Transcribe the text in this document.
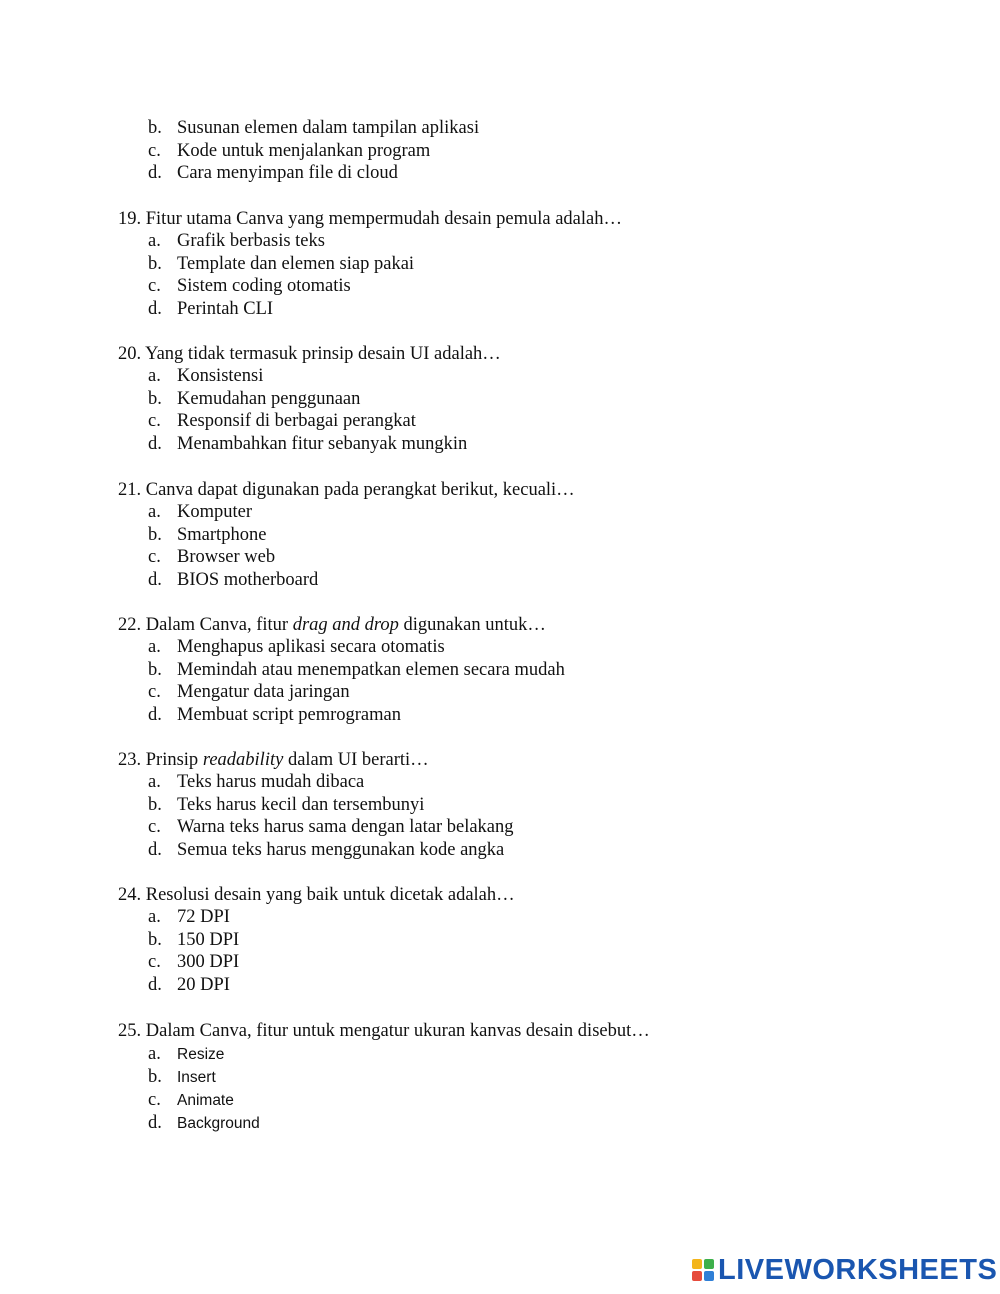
b. Susunan elemen dalam tampilan aplikasi
c. Kode untuk menjalankan program
d. Cara menyimpan file di cloud
19. Fitur utama Canva yang mempermudah desain pemula adalah…
a. Grafik berbasis teks
b. Template dan elemen siap pakai
c. Sistem coding otomatis
d. Perintah CLI
20. Yang tidak termasuk prinsip desain UI adalah…
a. Konsistensi
b. Kemudahan penggunaan
c. Responsif di berbagai perangkat
d. Menambahkan fitur sebanyak mungkin
21. Canva dapat digunakan pada perangkat berikut, kecuali…
a. Komputer
b. Smartphone
c. Browser web
d. BIOS motherboard
22. Dalam Canva, fitur drag and drop digunakan untuk…
a. Menghapus aplikasi secara otomatis
b. Memindah atau menempatkan elemen secara mudah
c. Mengatur data jaringan
d. Membuat script pemrograman
23. Prinsip readability dalam UI berarti…
a. Teks harus mudah dibaca
b. Teks harus kecil dan tersembunyi
c. Warna teks harus sama dengan latar belakang
d. Semua teks harus menggunakan kode angka
24. Resolusi desain yang baik untuk dicetak adalah…
a. 72 DPI
b. 150 DPI
c. 300 DPI
d. 20 DPI
25. Dalam Canva, fitur untuk mengatur ukuran kanvas desain disebut…
a.	Resize
b. Insert
c.	Animate
d. Background
LIVEWORKSHEETS
